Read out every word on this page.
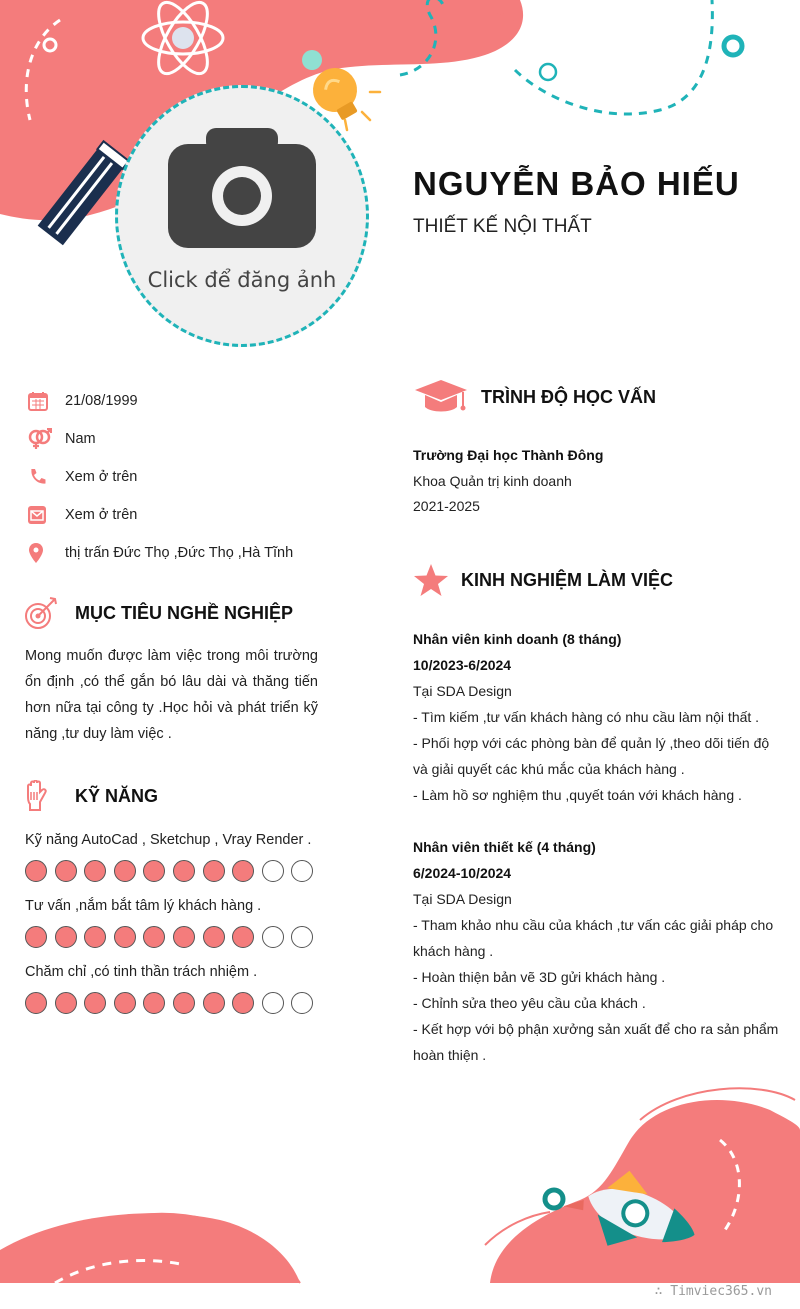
Click để đăng ảnh
NGUYỄN BẢO HIẾU
THIẾT KẾ NỘI THẤT
21/08/1999
Nam
Xem ở trên
Xem ở trên
thị trấn Đức Thọ ,Đức Thọ ,Hà Tĩnh
MỤC TIÊU NGHỀ NGHIỆP
Mong muốn được làm việc trong môi trường ổn định ,có thể gắn bó lâu dài và thăng tiến hơn nữa tại công ty .Học hỏi và phát triển kỹ năng ,tư duy làm việc .
KỸ NĂNG
Kỹ năng AutoCad , Sketchup , Vray Render .
Tư vấn ,nắm bắt tâm lý khách hàng .
Chăm chỉ ,có tinh thần trách nhiệm .
TRÌNH ĐỘ HỌC VẤN
Trường Đại học Thành Đông
Khoa Quản trị kinh doanh
2021-2025
KINH NGHIỆM LÀM VIỆC
Nhân viên kinh doanh (8 tháng)
10/2023-6/2024
Tại SDA Design
- Tìm kiếm ,tư vấn khách hàng có nhu cầu làm nội thất .
- Phối hợp với các phòng bàn để quản lý ,theo dõi tiến độ và giải quyết các khú mắc của khách hàng .
- Làm hồ sơ nghiệm thu ,quyết toán với khách hàng .
Nhân viên thiết kế (4 tháng)
6/2024-10/2024
Tại SDA Design
- Tham khảo nhu cầu của khách ,tư vấn các giải pháp cho khách hàng .
- Hoàn thiện bản vẽ 3D gửi khách hàng .
- Chỉnh sửa theo yêu cầu của khách .
- Kết hợp với bộ phận xưởng sản xuất để cho ra sản phẩm hoàn thiện .
∴ Timviec365.vn
